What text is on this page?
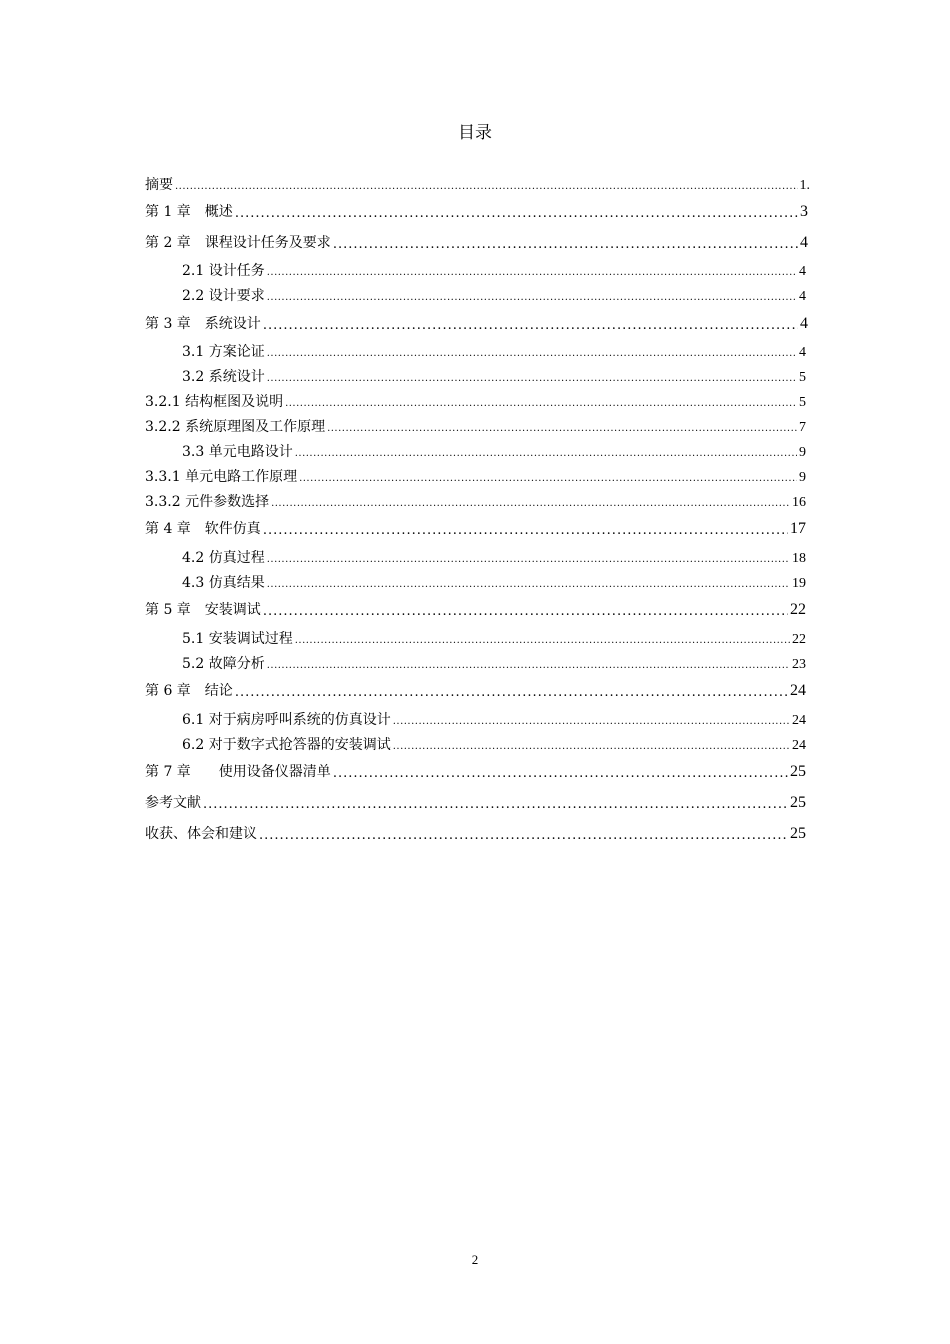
目录
摘要 .....	1.
第 1 章　概述 .....	3
第 2 章　课程设计任务及要求 .....	4
2.1 设计任务 .....	4
2.2 设计要求 .....	4
第 3 章　系统设计 .....	4
3.1 方案论证 .....	4
3.2 系统设计 .....	5
3.2.1 结构框图及说明 .....	5
3.2.2 系统原理图及工作原理 .....	7
3.3 单元电路设计 .....	9
3.3.1 单元电路工作原理 .....	9
3.3.2 元件参数选择 .....	16
第 4 章　软件仿真 .....	17
4.2 仿真过程 .....	18
4.3 仿真结果 .....	19
第 5 章　安装调试 .....	22
5.1 安装调试过程 .....	22
5.2 故障分析 .....	23
第 6 章　结论 .....	24
6.1 对于病房呼叫系统的仿真设计 .....	24
6.2 对于数字式抢答器的安装调试 .....	24
第 7 章　　使用设备仪器清单 .....	25
参考文献 .....	25
收获、体会和建议 .....	25
2
